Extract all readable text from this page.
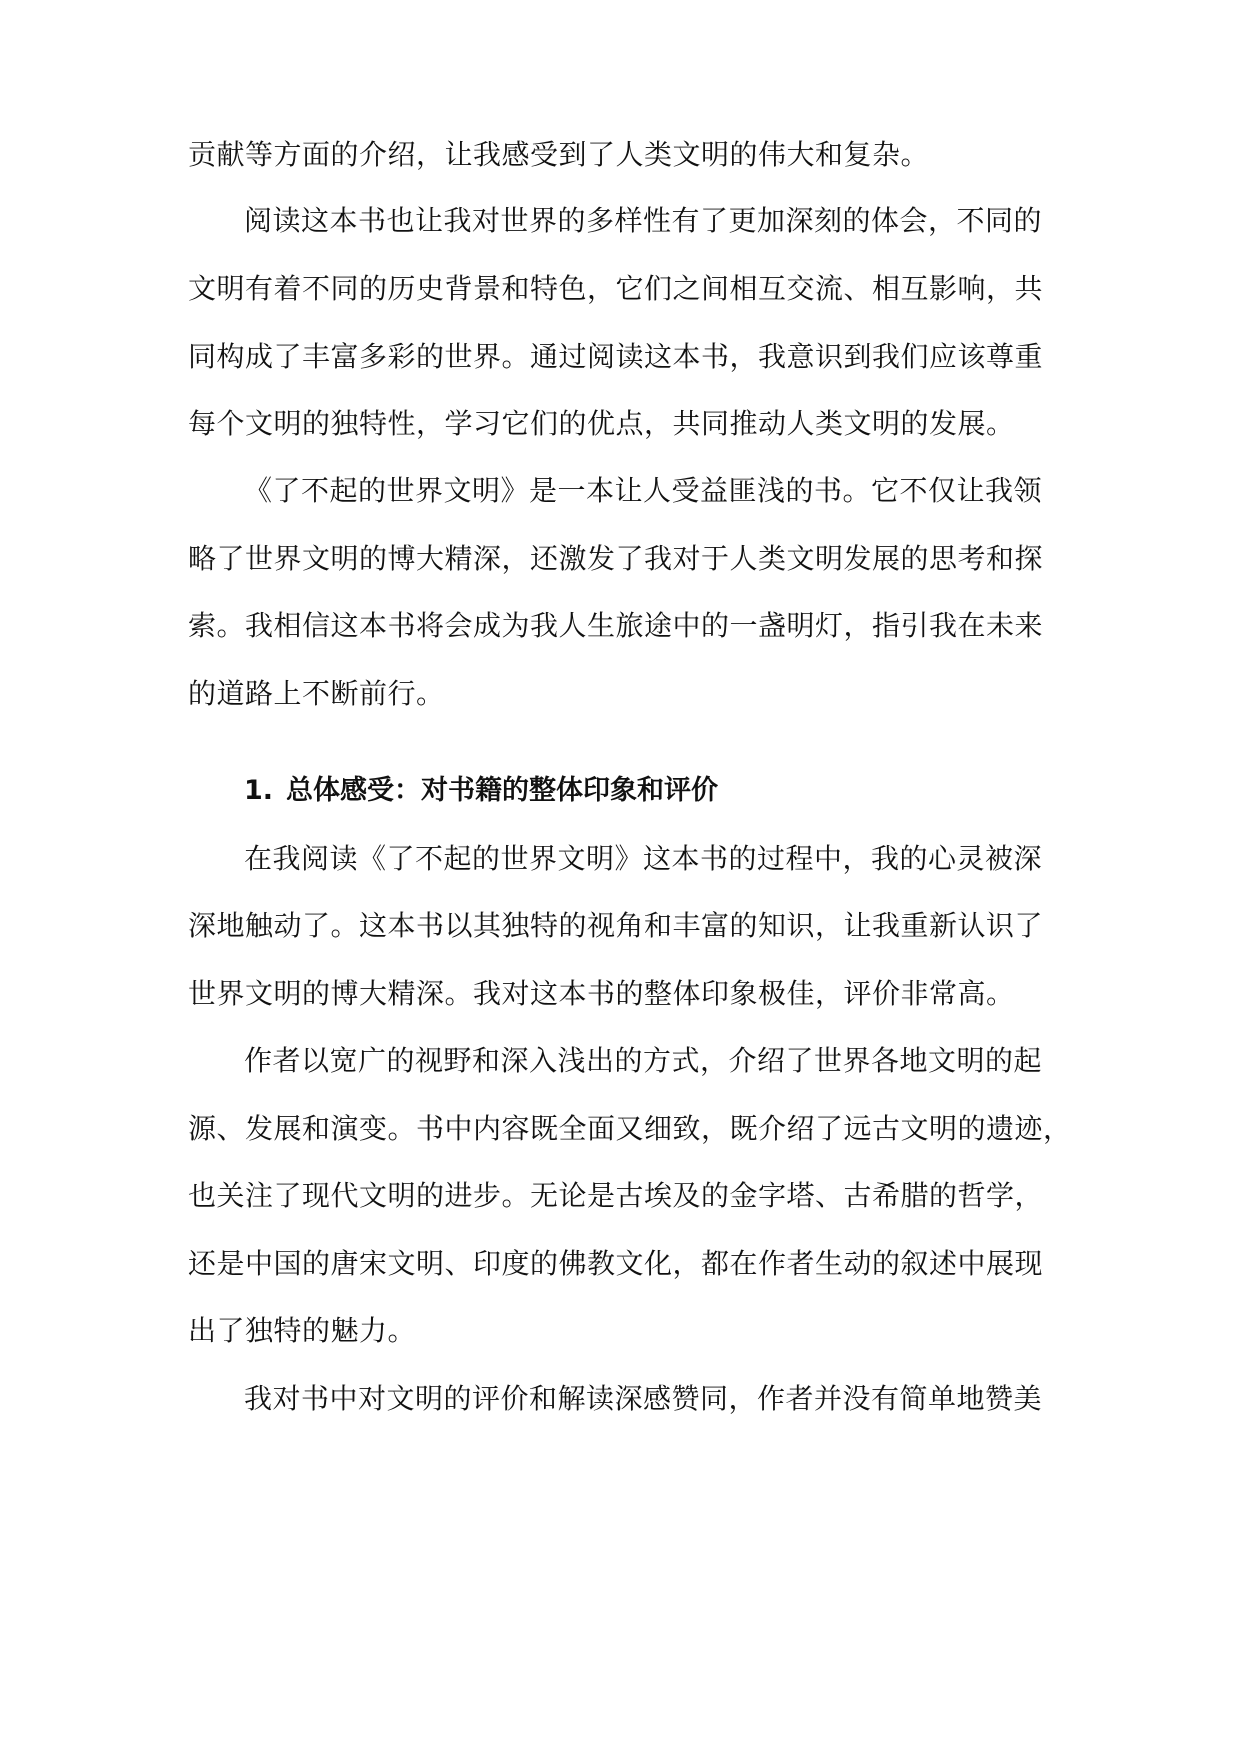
贡献等方面的介绍，让我感受到了人类文明的伟大和复杂。
阅读这本书也让我对世界的多样性有了更加深刻的体会，不同的
文明有着不同的历史背景和特色，它们之间相互交流、相互影响，共
同构成了丰富多彩的世界。通过阅读这本书，我意识到我们应该尊重
每个文明的独特性，学习它们的优点，共同推动人类文明的发展。
《了不起的世界文明》是一本让人受益匪浅的书。它不仅让我领
略了世界文明的博大精深，还激发了我对于人类文明发展的思考和探
索。我相信这本书将会成为我人生旅途中的一盏明灯，指引我在未来
的道路上不断前行。
1. 总体感受：对书籍的整体印象和评价
在我阅读《了不起的世界文明》这本书的过程中，我的心灵被深
深地触动了。这本书以其独特的视角和丰富的知识，让我重新认识了
世界文明的博大精深。我对这本书的整体印象极佳，评价非常高。
作者以宽广的视野和深入浅出的方式，介绍了世界各地文明的起
源、发展和演变。书中内容既全面又细致，既介绍了远古文明的遗迹，
也关注了现代文明的进步。无论是古埃及的金字塔、古希腊的哲学，
还是中国的唐宋文明、印度的佛教文化，都在作者生动的叙述中展现
出了独特的魅力。
我对书中对文明的评价和解读深感赞同，作者并没有简单地赞美
